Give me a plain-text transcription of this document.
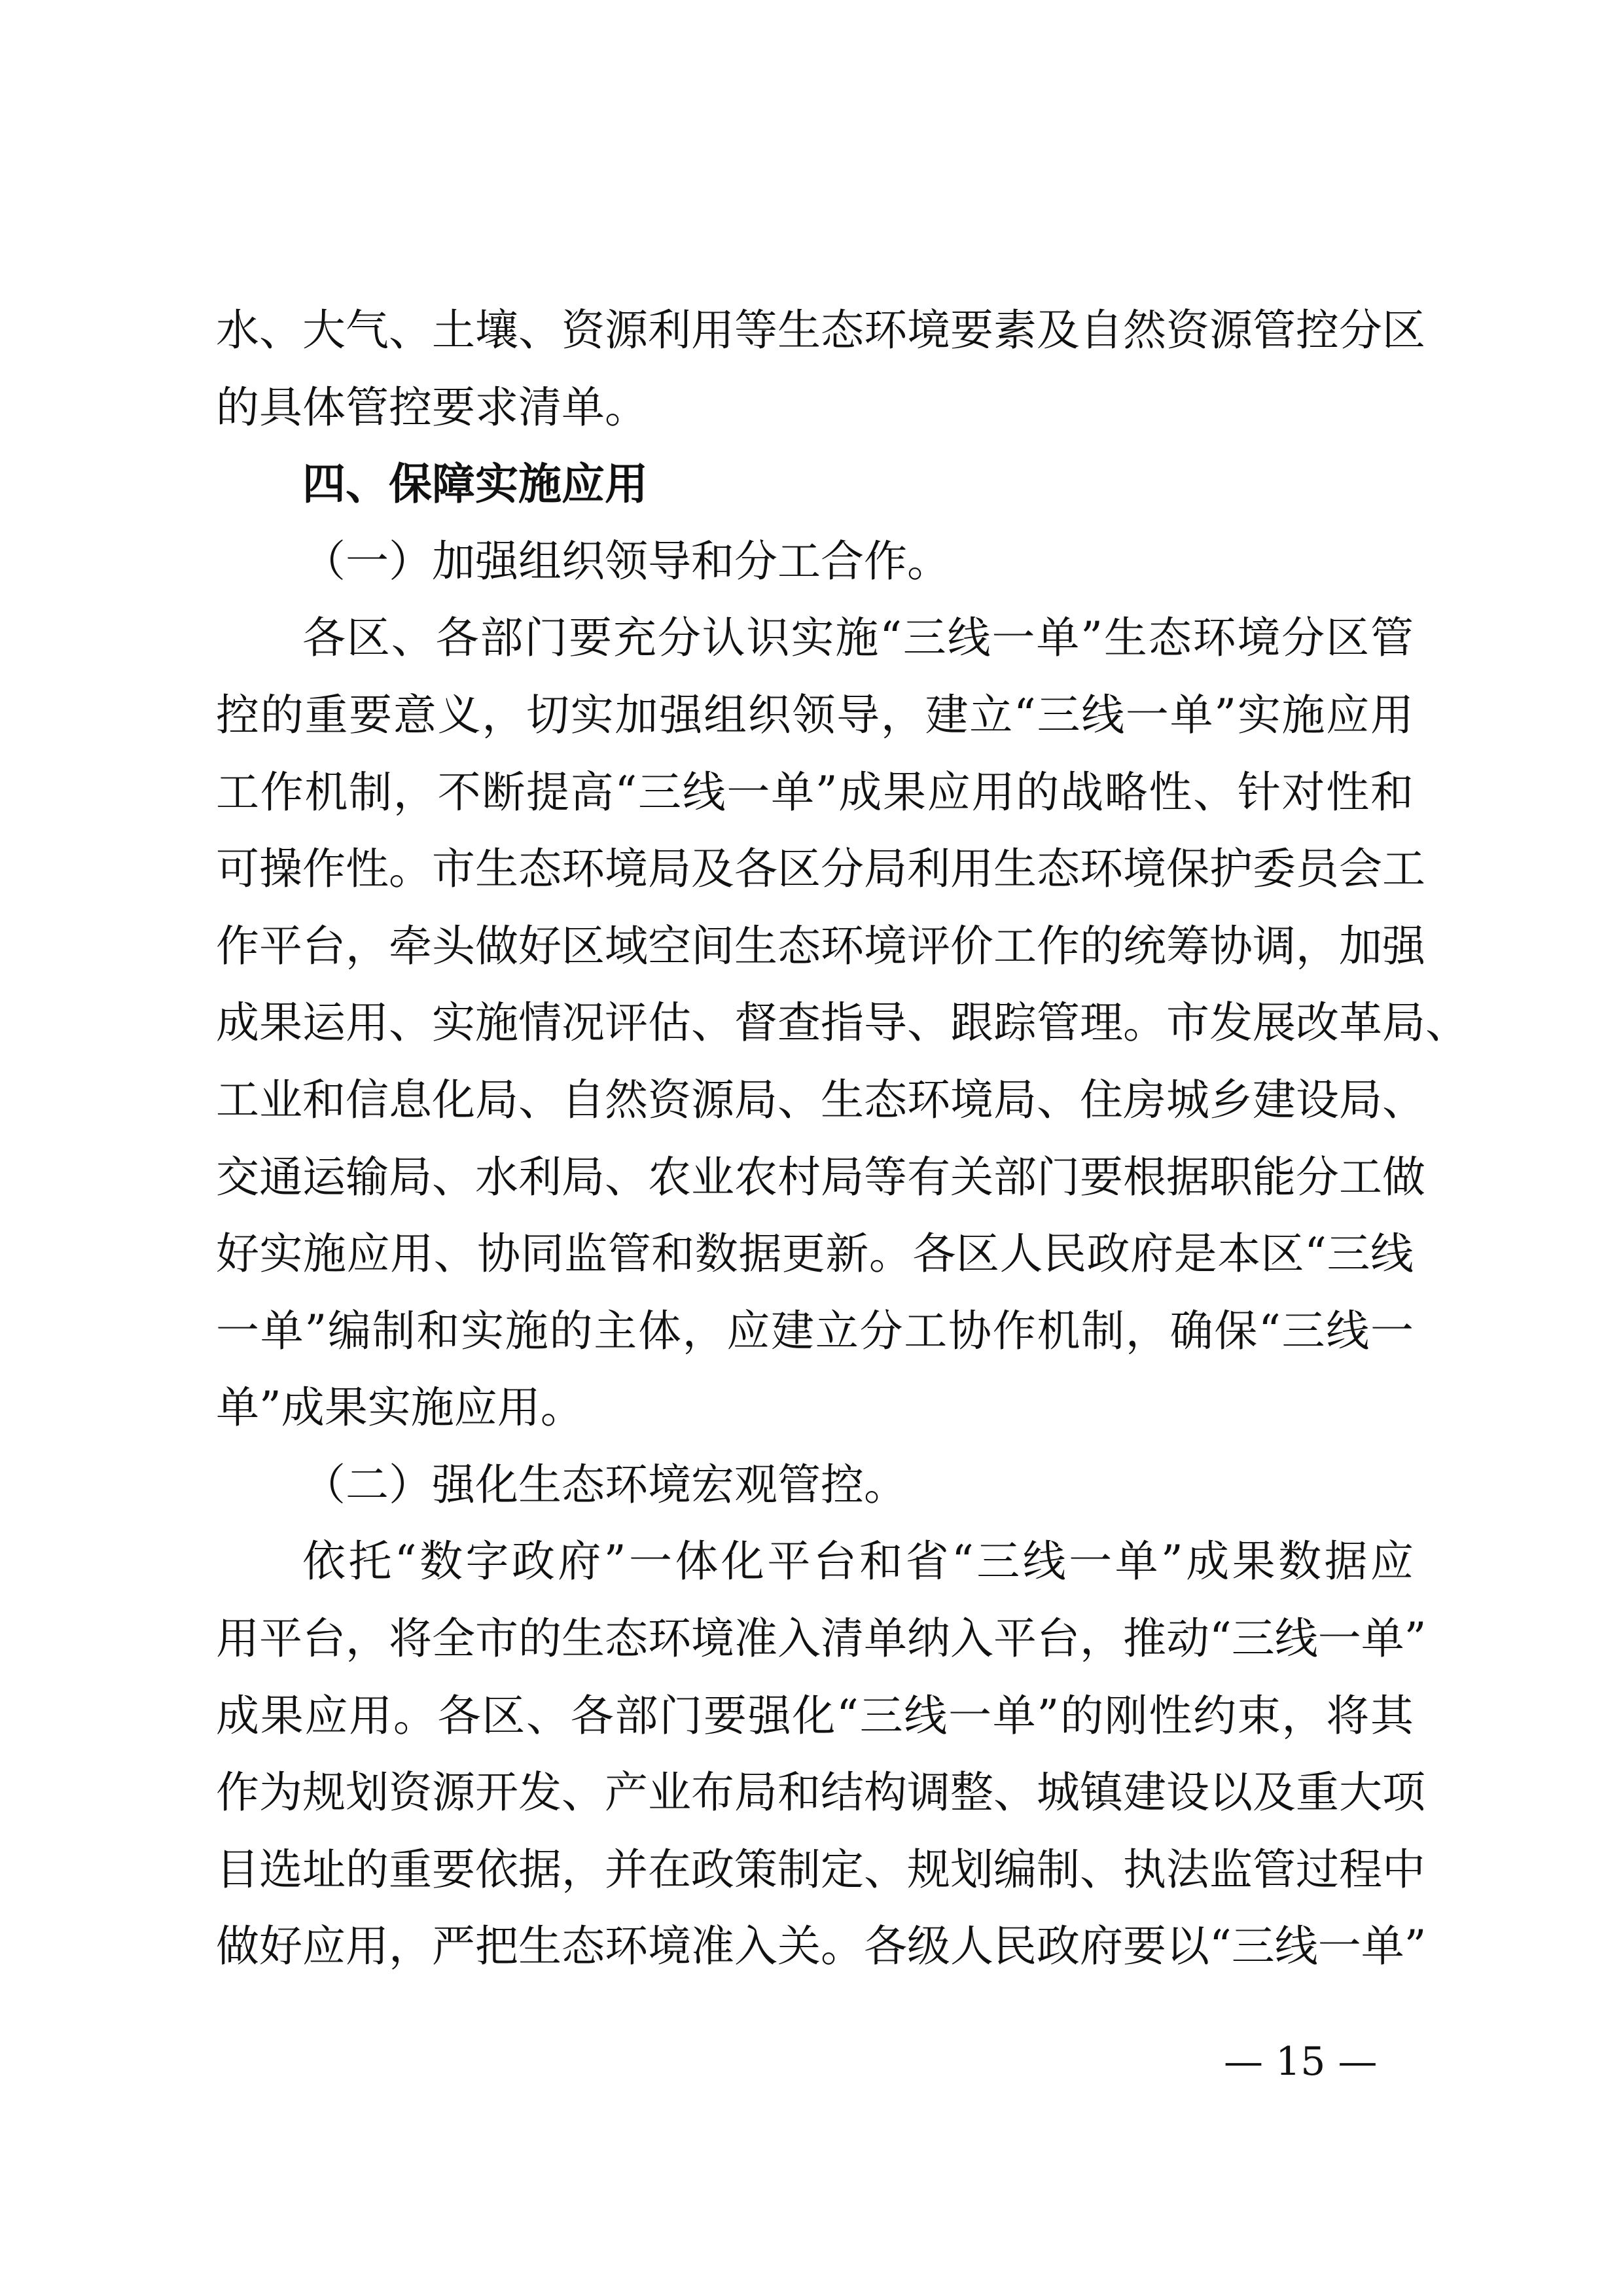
水、大气、土壤、资源利用等生态环境要素及自然资源管控分区
的具体管控要求清单。
四、保障实施应用
（一）加强组织领导和分工合作。
各区、各部门要充分认识实施“三线一单”生态环境分区管
控的重要意义，切实加强组织领导，建立“三线一单”实施应用
工作机制，不断提高“三线一单”成果应用的战略性、针对性和
可操作性。市生态环境局及各区分局利用生态环境保护委员会工
作平台，牵头做好区域空间生态环境评价工作的统筹协调，加强
成果运用、实施情况评估、督查指导、跟踪管理。市发展改革局、
工业和信息化局、自然资源局、生态环境局、住房城乡建设局、
交通运输局、水利局、农业农村局等有关部门要根据职能分工做
好实施应用、协同监管和数据更新。各区人民政府是本区“三线
一单”编制和实施的主体，应建立分工协作机制，确保“三线一
单”成果实施应用。
（二）强化生态环境宏观管控。
依托“数字政府”一体化平台和省“三线一单”成果数据应
用平台，将全市的生态环境准入清单纳入平台，推动“三线一单”
成果应用。各区、各部门要强化“三线一单”的刚性约束，将其
作为规划资源开发、产业布局和结构调整、城镇建设以及重大项
目选址的重要依据，并在政策制定、规划编制、执法监管过程中
做好应用，严把生态环境准入关。各级人民政府要以“三线一单”
— 15 —
